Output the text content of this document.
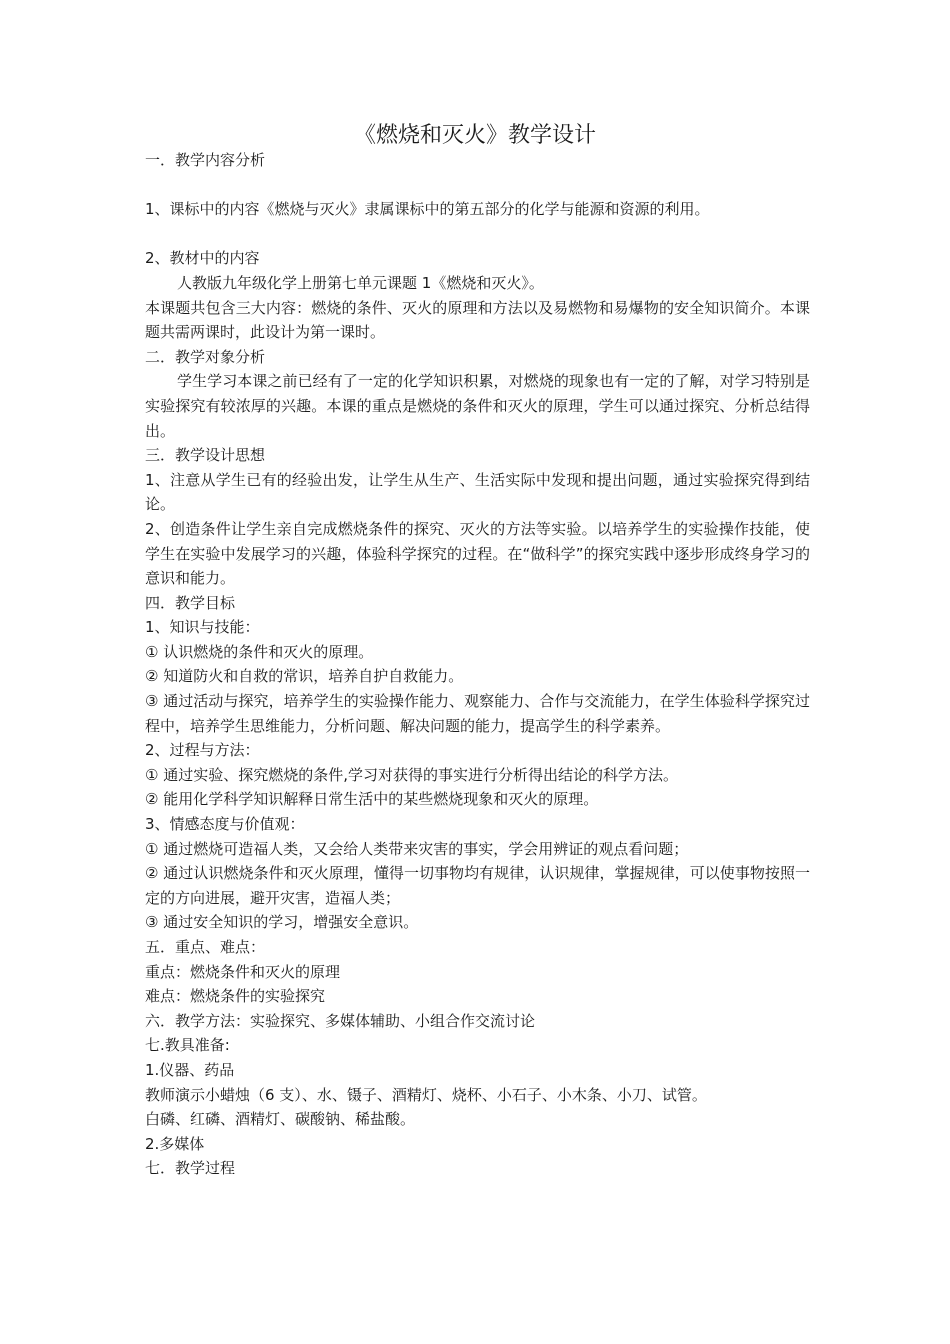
《燃烧和灭火》教学设计

一．教学内容分析

1、课标中的内容《燃烧与灭火》隶属课标中的第五部分的化学与能源和资源的利用。

2、教材中的内容

人教版九年级化学上册第七单元课题 1《燃烧和灭火》。

本课题共包含三大内容：燃烧的条件、灭火的原理和方法以及易燃物和易爆物的安全知识简介。本课题共需两课时，此设计为第一课时。

二．教学对象分析

学生学习本课之前已经有了一定的化学知识积累，对燃烧的现象也有一定的了解，对学习特别是实验探究有较浓厚的兴趣。本课的重点是燃烧的条件和灭火的原理，学生可以通过探究、分析总结得出。

三．教学设计思想

1、注意从学生已有的经验出发，让学生从生产、生活实际中发现和提出问题，通过实验探究得到结论。

2、创造条件让学生亲自完成燃烧条件的探究、灭火的方法等实验。以培养学生的实验操作技能，使学生在实验中发展学习的兴趣，体验科学探究的过程。在“做科学”的探究实践中逐步形成终身学习的意识和能力。

四．教学目标

1、知识与技能：

① 认识燃烧的条件和灭火的原理。

② 知道防火和自救的常识，培养自护自救能力。

③ 通过活动与探究，培养学生的实验操作能力、观察能力、合作与交流能力，在学生体验科学探究过程中，培养学生思维能力，分析问题、解决问题的能力，提高学生的科学素养。

2、过程与方法：

① 通过实验、探究燃烧的条件,学习对获得的事实进行分析得出结论的科学方法。

② 能用化学科学知识解释日常生活中的某些燃烧现象和灭火的原理。

3、情感态度与价值观：

① 通过燃烧可造福人类，又会给人类带来灾害的事实，学会用辨证的观点看问题；

② 通过认识燃烧条件和灭火原理，懂得一切事物均有规律，认识规律，掌握规律，可以使事物按照一定的方向进展，避开灾害，造福人类；

③ 通过安全知识的学习，增强安全意识。

五．重点、难点：

重点：燃烧条件和灭火的原理

难点：燃烧条件的实验探究

六．教学方法：实验探究、多媒体辅助、小组合作交流讨论

七.教具准备:

1.仪器、药品

教师演示小蜡烛（6 支）、水、镊子、酒精灯、烧杯、小石子、小木条、小刀、试管。

白磷、红磷、酒精灯、碳酸钠、稀盐酸。

2.多媒体

七．教学过程
